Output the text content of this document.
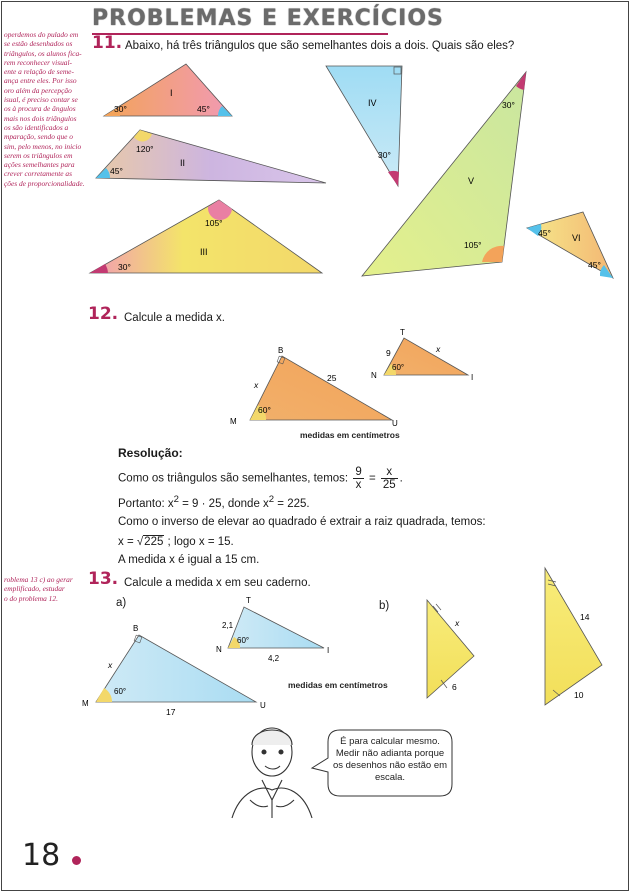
PROBLEMAS E EXERCÍCIOS
operdemos do pulado em
se estão desenhados os
triângulos, os alunos fica-
rem reconhecer visual-
ente a relação de seme-
ança entre eles. Por isso
oro além da percepção
isual, é preciso contar se
os à procura de ângulos
mais nos dois triângulos
os são identificados a
mparação, sendo que o
sim, pelo menos, no inicio
serem os triângulos em
ações semelhantes para
crever corretamente as
ções de proporcionalidade.
roblema 13 c) ao gerar
emplificado, estudar
o do problema 12.
11. Abaixo, há três triângulos que são semelhantes dois a dois. Quais são eles?
I
30°	45°
II
120°
45°
III
105°
30°
IV
30°
V
30°
105°
VI
45°
45°
B
M	U
x
25
60°
T
N	I
9	x
60°
B
M	U
x
60°
17
T
N	I
2,1
60°
4,2
x
6
14
10
12. Calcule a medida x.
medidas em centímetros
Resolução:
Como os triângulos são semelhantes, temos: $\frac{9}{x} = \frac{x}{25}$ .
Portanto: $x^2 = 9 \cdot 25$, donde $x^2 = 225$.
Como o inverso de elevar ao quadrado é extrair a raiz quadrada, temos:
x = √225 ; logo x = 15.
A medida x é igual a 15 cm.
13. Calcule a medida x em seu caderno.
a)	b)
medidas em centímetros
É para calcular mesmo.
Medir não adianta porque
os desenhos não estão em
escala.
18
